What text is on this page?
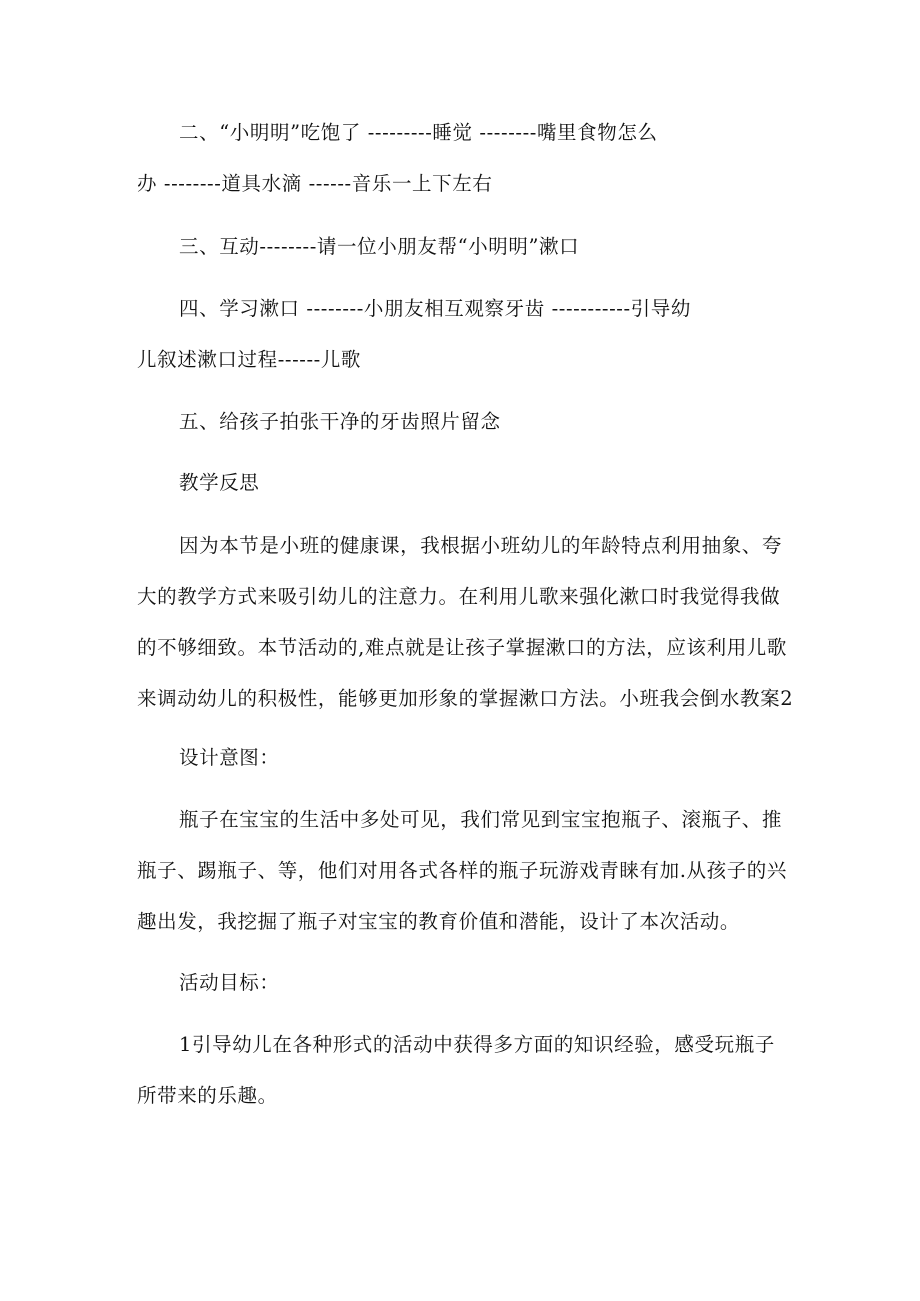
二、“小明明”吃饱了 ---------睡觉 --------嘴里食物怎么
办 --------道具水滴 ------音乐一上下左右

三、互动--------请一位小朋友帮“小明明”漱口

四、学习漱口 --------小朋友相互观察牙齿 -----------引导幼
儿叙述漱口过程------儿歌

五、给孩子拍张干净的牙齿照片留念

教学反思

因为本节是小班的健康课，我根据小班幼儿的年龄特点利用抽象、夸
大的教学方式来吸引幼儿的注意力。在利用儿歌来强化漱口时我觉得我做
的不够细致。本节活动的,难点就是让孩子掌握漱口的方法，应该利用儿歌
来调动幼儿的积极性，能够更加形象的掌握漱口方法。小班我会倒水教案2

设计意图：

瓶子在宝宝的生活中多处可见，我们常见到宝宝抱瓶子、滚瓶子、推
瓶子、踢瓶子、等，他们对用各式各样的瓶子玩游戏青睐有加.从孩子的兴
趣出发，我挖掘了瓶子对宝宝的教育价值和潜能，设计了本次活动。

活动目标：

1引导幼儿在各种形式的活动中获得多方面的知识经验，感受玩瓶子
所带来的乐趣。
